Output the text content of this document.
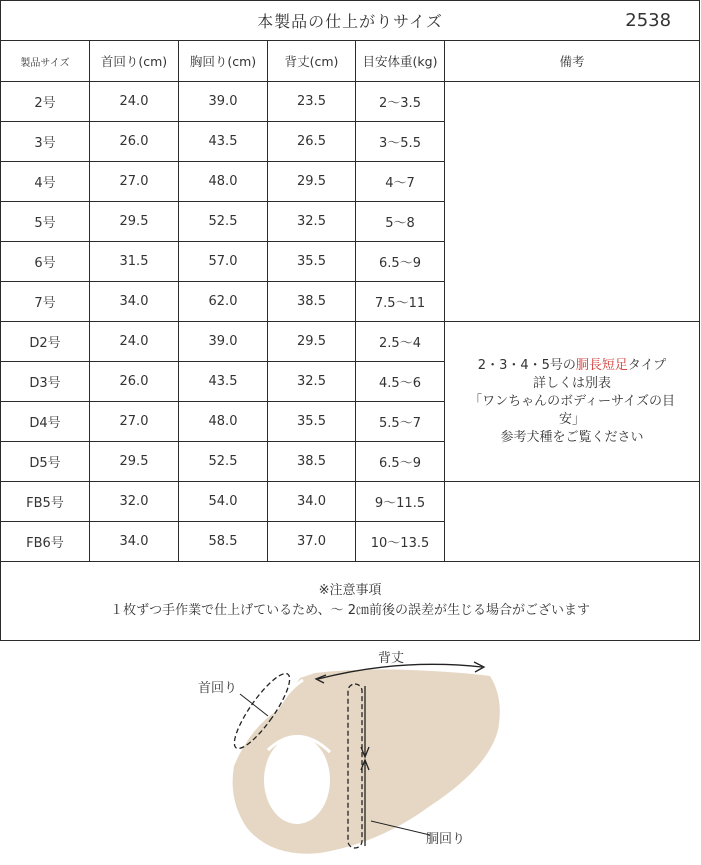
本製品の仕上がりサイズ 2538					

製品サイズ	首回り(cm)	胸回り(cm)	背丈(cm)	目安体重(kg)	備考
2号	24.0	39.0	23.5	2〜3.5	
3号	26.0	43.5	26.5	3〜5.5	
4号	27.0	48.0	29.5	4〜7	
5号	29.5	52.5	32.5	5〜8	
6号	31.5	57.0	35.5	6.5〜9	
7号	34.0	62.0	38.5	7.5〜11	
D2号	24.0	39.0	29.5	2.5〜4	2・3・4・5号の胴長短足タイプ
詳しくは別表
「ワンちゃんのボディーサイズの目
安」
参考犬種をご覧ください

D3号	26.0	43.5	32.5	4.5〜6	
D4号	27.0	48.0	35.5	5.5〜7	
D5号	29.5	52.5	38.5	6.5〜9	
FB5号	32.0	54.0	34.0	9〜11.5	
FB6号	34.0	58.5	37.0	10〜13.5	

※注意事項
１枚ずつ手作業で仕上げているため、～ 2㎝前後の誤差が生じる場合がございます					
首回り
背丈
胴回り
